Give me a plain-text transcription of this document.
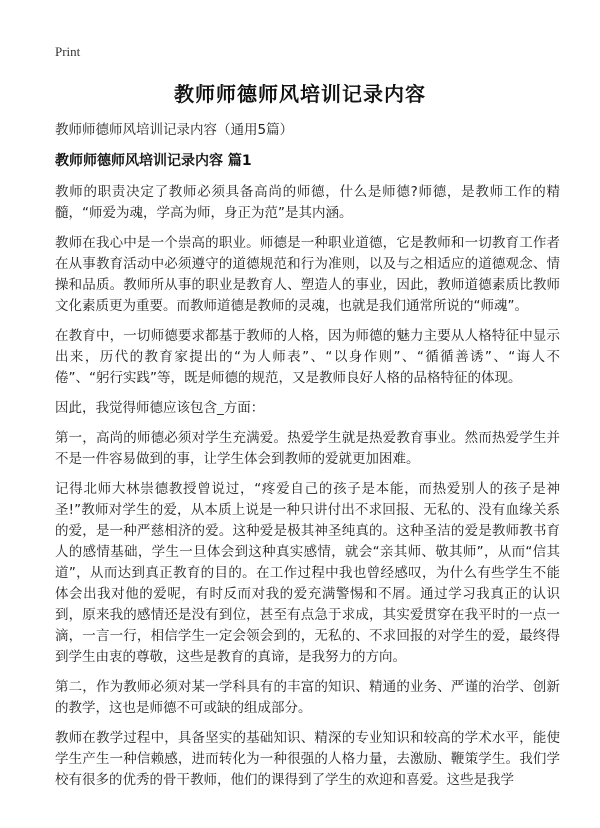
Print
教师师德师风培训记录内容
教师师德师风培训记录内容（通用5篇）
教师师德师风培训记录内容 篇1

教师的职责决定了教师必须具备高尚的师德，什么是师德?师德，是教师工作的精髓，“师爱为魂，学高为师，身正为范”是其内涵。

教师在我心中是一个崇高的职业。师德是一种职业道德，它是教师和一切教育工作者在从事教育活动中必须遵守的道德规范和行为准则，以及与之相适应的道德观念、情操和品质。教师所从事的职业是教育人、塑造人的事业，因此，教师道德素质比教师文化素质更为重要。而教师道德是教师的灵魂，也就是我们通常所说的“师魂”。

在教育中，一切师德要求都基于教师的人格，因为师德的魅力主要从人格特征中显示出来，历代的教育家提出的“为人师表”、“以身作则”、“循循善诱”、“诲人不倦”、“躬行实践”等，既是师德的规范，又是教师良好人格的品格特征的体现。

因此，我觉得师德应该包含_方面：

第一，高尚的师德必须对学生充满爱。热爱学生就是热爱教育事业。然而热爱学生并不是一件容易做到的事，让学生体会到教师的爱就更加困难。

记得北师大林崇德教授曾说过，“疼爱自己的孩子是本能，而热爱别人的孩子是神圣!”教师对学生的爱，从本质上说是一种只讲付出不求回报、无私的、没有血缘关系的爱，是一种严慈相济的爱。这种爱是极其神圣纯真的。这种圣洁的爱是教师教书育人的感情基础，学生一旦体会到这种真实感情，就会“亲其师、敬其师”，从而“信其道”，从而达到真正教育的目的。在工作过程中我也曾经感叹，为什么有些学生不能体会出我对他的爱呢，有时反而对我的爱充满警惕和不屑。通过学习我真正的认识到，原来我的感情还是没有到位，甚至有点急于求成，其实爱贯穿在我平时的一点一滴，一言一行，相信学生一定会领会到的，无私的、不求回报的对学生的爱，最终得到学生由衷的尊敬，这些是教育的真谛，是我努力的方向。

第二，作为教师必须对某一学科具有的丰富的知识、精通的业务、严谨的治学、创新的教学，这也是师德不可或缺的组成部分。

教师在教学过程中，具备坚实的基础知识、精深的专业知识和较高的学术水平，能使学生产生一种信赖感，进而转化为一种很强的人格力量，去激励、鞭策学生。我们学校有很多的优秀的骨干教师，他们的课得到了学生的欢迎和喜爱。这些是我学
